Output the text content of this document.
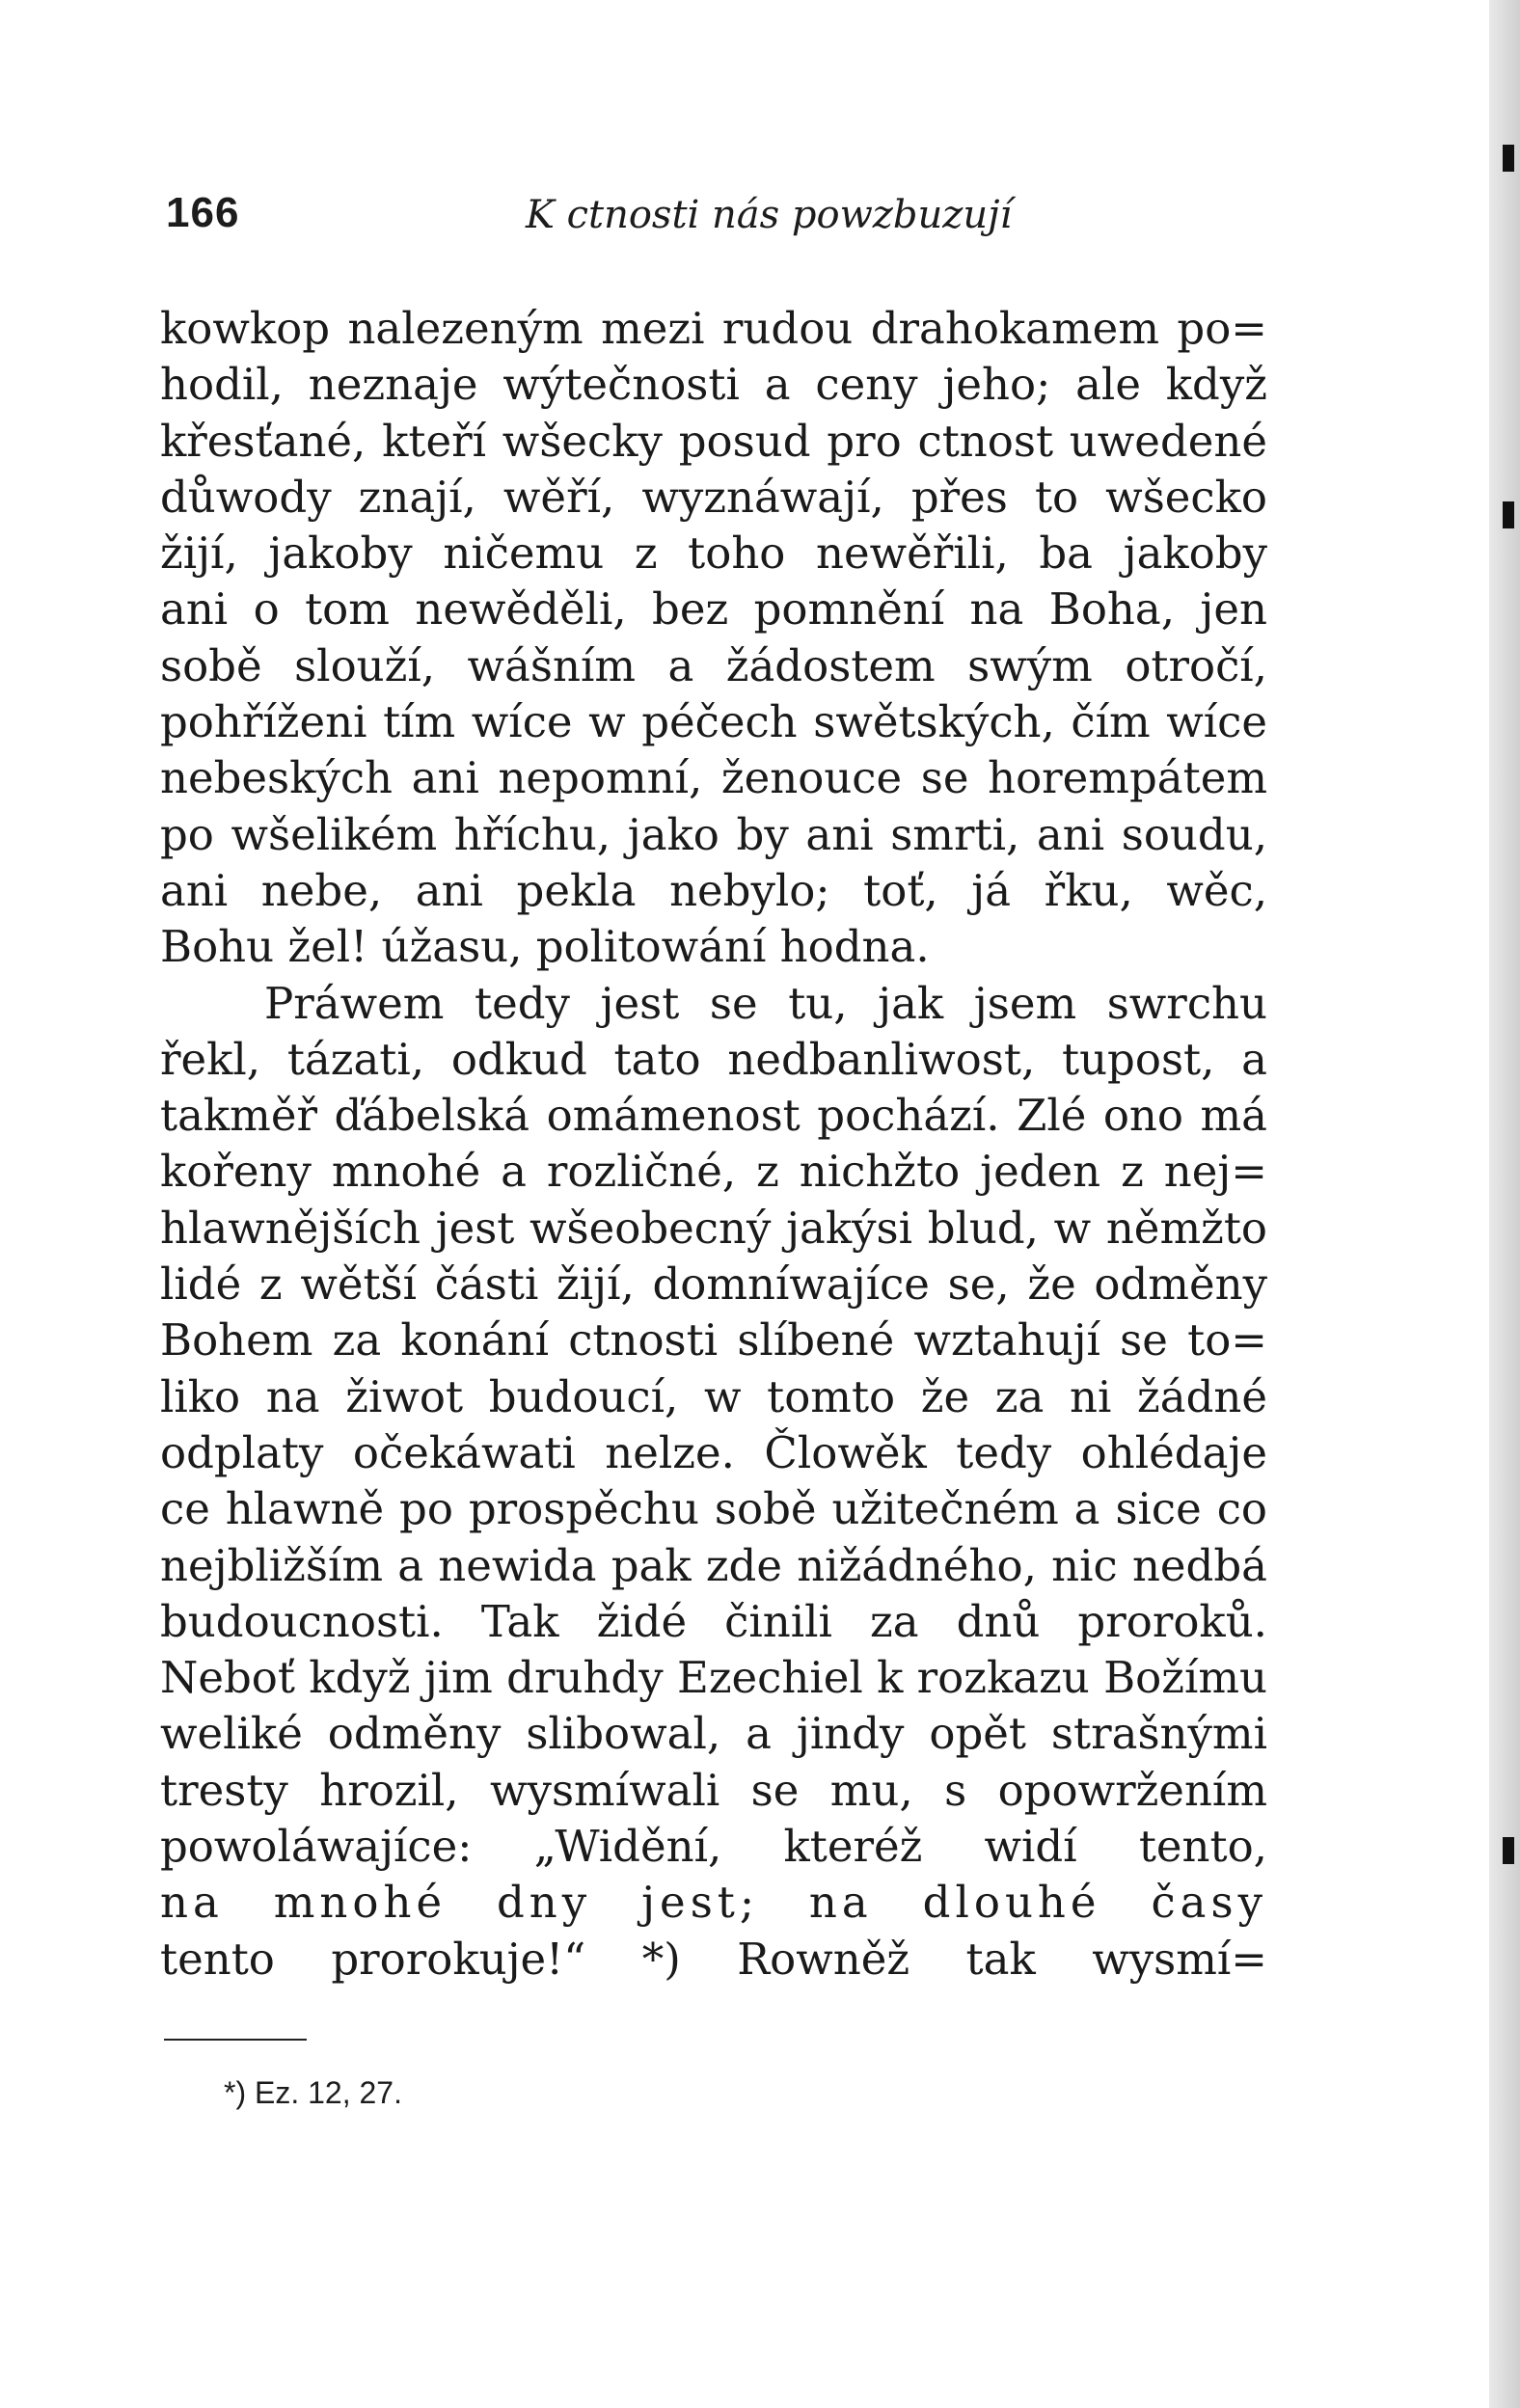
166	K ctnosti nás powzbuzují
kowkop nalezeným mezi rudou drahokamem po=
hodil, neznaje wýtečnosti a ceny jeho; ale když
křesťané, kteří wšecky posud pro ctnost uwedené
důwody znají, wěří, wyznáwají, přes to wšecko
žijí, jakoby ničemu z toho newěřili, ba jakoby
ani o tom newěděli, bez pomnění na Boha, jen
sobě slouží, wášním a žádostem swým otročí,
pohříženi tím wíce w péčech swětských, čím wíce
nebeských ani nepomní, ženouce se horempátem
po wšelikém hříchu, jako by ani smrti, ani soudu,
ani nebe, ani pekla nebylo; toť, já řku, wěc,
Bohu žel! úžasu, politowání hodna.
Práwem tedy jest se tu, jak jsem swrchu
řekl, tázati, odkud tato nedbanliwost, tupost, a
takměř ďábelská omámenost pochází. Zlé ono má
kořeny mnohé a rozličné, z nichžto jeden z nej=
hlawnějších jest wšeobecný jakýsi blud, w němžto
lidé z wětší části žijí, domníwajíce se, že odměny
Bohem za konání ctnosti slíbené wztahují se to=
liko na žiwot budoucí, w tomto že za ni žádné
odplaty očekáwati nelze. Člowěk tedy ohlédaje
ce hlawně po prospěchu sobě užitečném a sice co
nejbližším a newida pak zde nižádného, nic nedbá
budoucnosti. Tak židé činili za dnů proroků.
Neboť když jim druhdy Ezechiel k rozkazu Božímu
weliké odměny slibowal, a jindy opět strašnými
tresty hrozil, wysmíwali se mu, s opowržením
powoláwajíce: „Widění, kteréž widí tento,
na mnohé dny jest; na dlouhé časy
tento prorokuje!“ *) Rowněž tak wysmí=
*) Ez. 12, 27.
